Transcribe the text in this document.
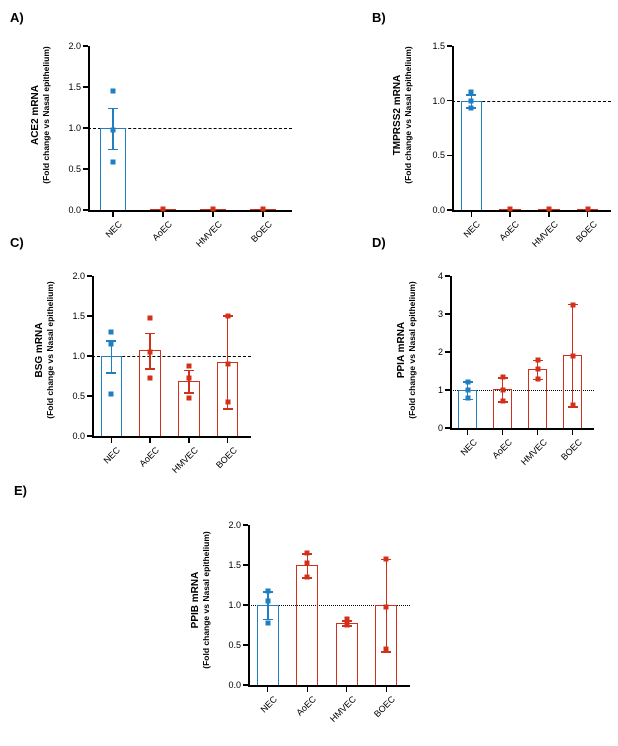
A)
ACE2 mRNA (Fold change vs Nasal epithelium)
0.0
0.5
1.0
1.5
2.0
NEC	AoEC	HMVEC	BOEC
B)
TMPRSS2 mRNA (Fold change vs Nasal epithelium)
0.0
0.5
1.0
1.5
NEC	AoEC HMVEC	BOEC
C)
BSG mRNA (Fold change vs Nasal epithelium)
0.0
0.5
1.0
1.5
2.0
NEC	AoEC HMVEC	BOEC
D)
PPIA mRNA (Fold change vs Nasal epithelium)
0
1
2
3
4
NEC	AoEC HMVEC	BOEC
E)
PPIB mRNA (Fold change vs Nasal epithelium)
0.0
0.5
1.0
1.5
2.0
NEC	AoEC	HMVEC	BOEC
